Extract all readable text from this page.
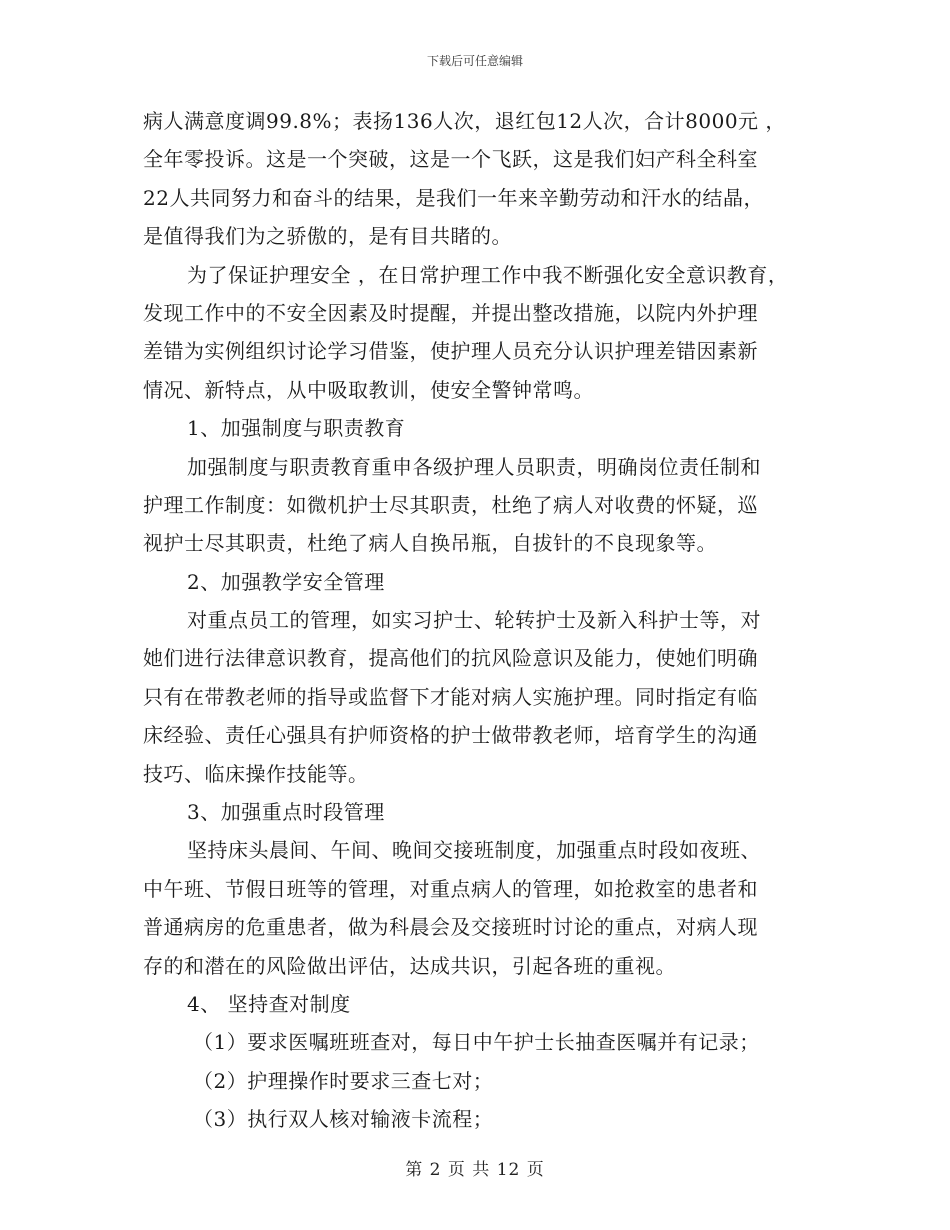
下载后可任意编辑
病人满意度调99.8%；表扬136人次，退红包12人次，合计8000元 ，
全年零投诉。这是一个突破，这是一个飞跃，这是我们妇产科全科室
22人共同努力和奋斗的结果，是我们一年来辛勤劳动和汗水的结晶，
是值得我们为之骄傲的，是有目共睹的。
为了保证护理安全 ，在日常护理工作中我不断强化安全意识教育，
发现工作中的不安全因素及时提醒，并提出整改措施，以院内外护理
差错为实例组织讨论学习借鉴，使护理人员充分认识护理差错因素新
情况、新特点，从中吸取教训，使安全警钟常鸣。
1、加强制度与职责教育
加强制度与职责教育重申各级护理人员职责，明确岗位责任制和
护理工作制度：如微机护士尽其职责，杜绝了病人对收费的怀疑，巡
视护士尽其职责，杜绝了病人自换吊瓶，自拔针的不良现象等。
2、加强教学安全管理
对重点员工的管理，如实习护士、轮转护士及新入科护士等，对
她们进行法律意识教育，提高他们的抗风险意识及能力，使她们明确
只有在带教老师的指导或监督下才能对病人实施护理。同时指定有临
床经验、责任心强具有护师资格的护士做带教老师，培育学生的沟通
技巧、临床操作技能等。
3、加强重点时段管理
坚持床头晨间、午间、晚间交接班制度，加强重点时段如夜班、
中午班、节假日班等的管理，对重点病人的管理，如抢救室的患者和
普通病房的危重患者，做为科晨会及交接班时讨论的重点，对病人现
存的和潜在的风险做出评估，达成共识，引起各班的重视。
4、 坚持查对制度
（1）要求医嘱班班查对，每日中午护士长抽查医嘱并有记录；
（2）护理操作时要求三查七对；
（3）执行双人核对输液卡流程；
第 2 页 共 12 页
